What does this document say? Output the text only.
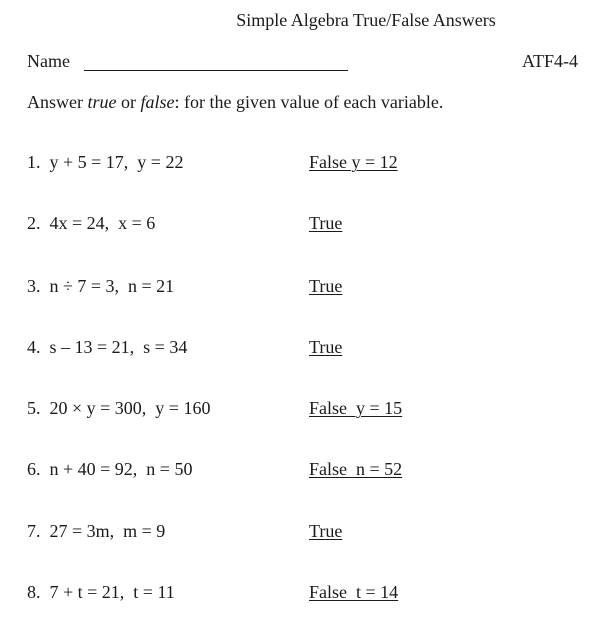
Simple Algebra True/False Answers
Name	ATF4-4
Answer true or false: for the given value of each variable.
1.  y + 5 = 17,  y = 22	False y = 12
2.  4x = 24,  x = 6	True
3.  n ÷ 7 = 3,  n = 21	True
4.  s – 13 = 21,  s = 34	True
5.  20 × y = 300,  y = 160	False  y = 15
6.  n + 40 = 92,  n = 50	False  n = 52
7.  27 = 3m,  m = 9	True
8.  7 + t = 21,  t = 11	False  t = 14
